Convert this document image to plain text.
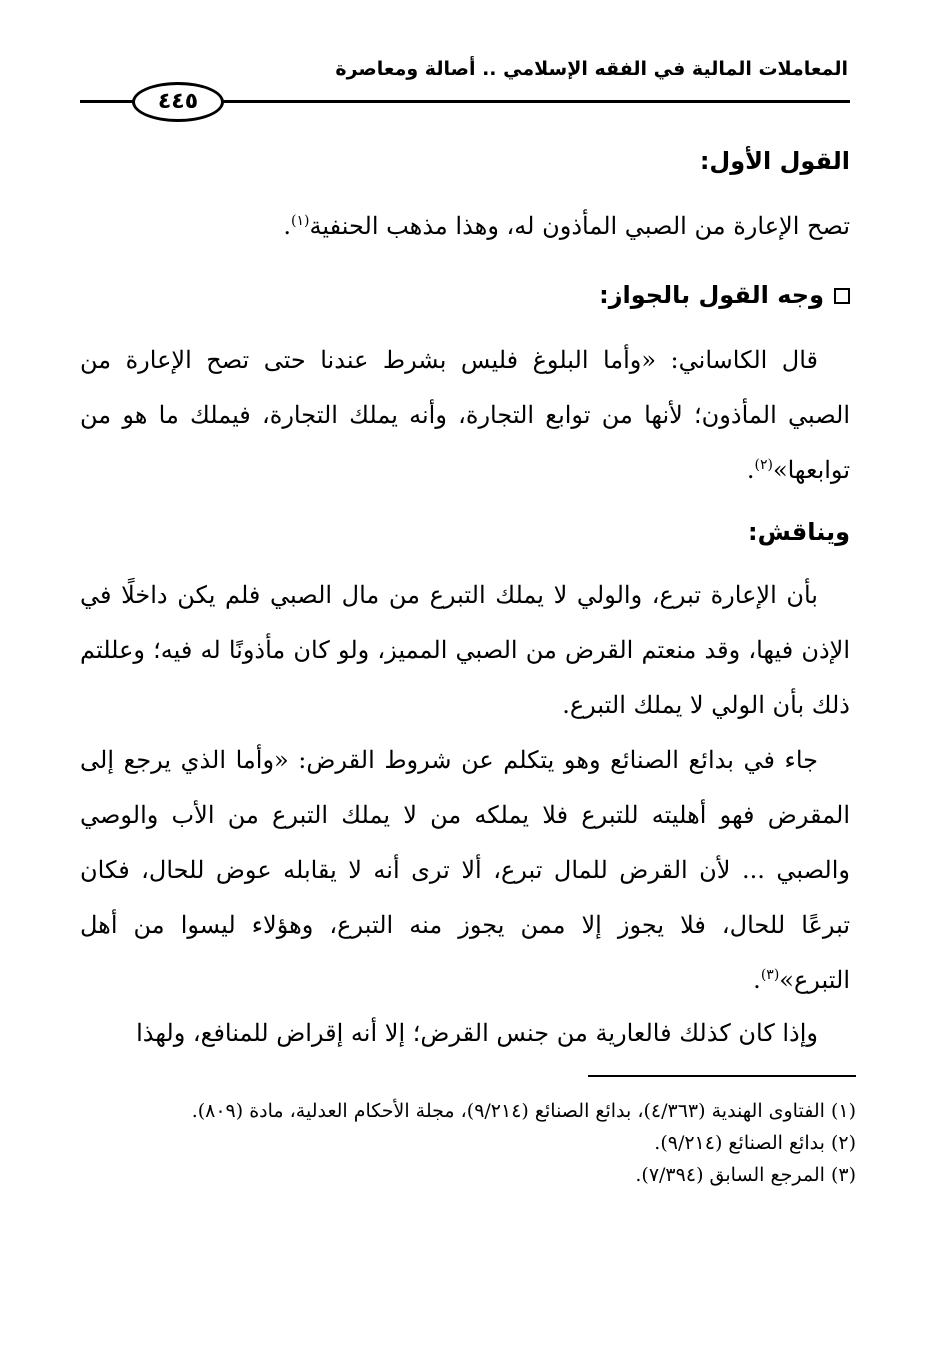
المعاملات المالية في الفقه الإسلامي .. أصالة ومعاصرة
٤٤٥
القول الأول:
تصح الإعارة من الصبي المأذون له، وهذا مذهب الحنفية$^{(١)}$.
وجه القول بالجواز:
قال الكاساني: «وأما البلوغ فليس بشرط عندنا حتى تصح الإعارة من الصبي المأذون؛ لأنها من توابع التجارة، وأنه يملك التجارة، فيملك ما هو من توابعها»$^{(٢)}$.
ويناقش:
بأن الإعارة تبرع، والولي لا يملك التبرع من مال الصبي فلم يكن داخلًا في الإذن فيها، وقد منعتم القرض من الصبي المميز، ولو كان مأذونًا له فيه؛ وعللتم ذلك بأن الولي لا يملك التبرع.
جاء في بدائع الصنائع وهو يتكلم عن شروط القرض: «وأما الذي يرجع إلى المقرض فهو أهليته للتبرع فلا يملكه من لا يملك التبرع من الأب والوصي والصبي ... لأن القرض للمال تبرع، ألا ترى أنه لا يقابله عوض للحال، فكان تبرعًا للحال، فلا يجوز إلا ممن يجوز منه التبرع، وهؤلاء ليسوا من أهل التبرع»$^{(٣)}$.
وإذا كان كذلك فالعارية من جنس القرض؛ إلا أنه إقراض للمنافع، ولهذا

(١) الفتاوى الهندية (٤/٣٦٣)، بدائع الصنائع (٩/٢١٤)، مجلة الأحكام العدلية، مادة (٨٠٩).

(٢) بدائع الصنائع (٩/٢١٤).

(٣) المرجع السابق (٧/٣٩٤).
